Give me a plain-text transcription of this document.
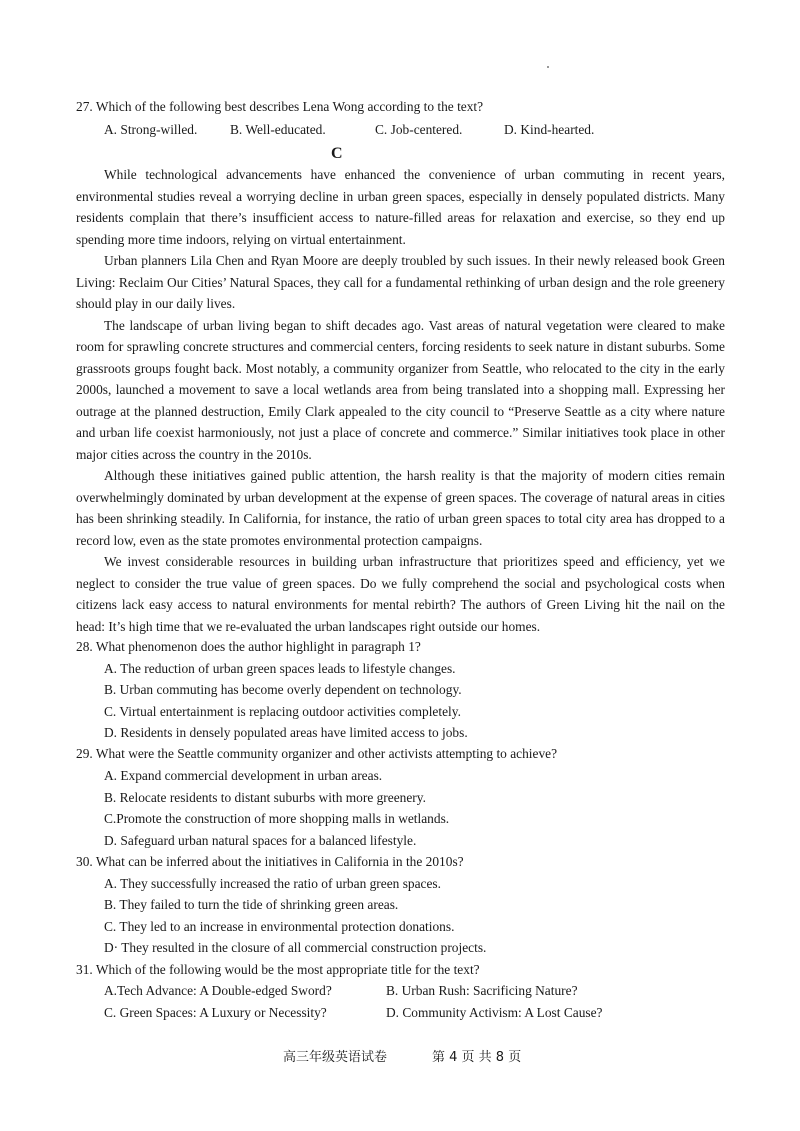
27. Which of the following best describes Lena Wong according to the text?
A. Strong-willed. B. Well-educated.	C. Job-centered.	D. Kind-hearted.
C

While technological advancements have enhanced the convenience of urban commuting in recent years, environmental studies reveal a worrying decline in urban green spaces, especially in densely populated districts. Many residents complain that there’s insufficient access to nature-filled areas for relaxation and exercise, so they end up spending more time indoors, relying on virtual entertainment.

Urban planners Lila Chen and Ryan Moore are deeply troubled by such issues. In their newly released book Green Living: Reclaim Our Cities’ Natural Spaces, they call for a fundamental rethinking of urban design and the role greenery should play in our daily lives.

The landscape of urban living began to shift decades ago. Vast areas of natural vegetation were cleared to make room for sprawling concrete structures and commercial centers, forcing residents to seek nature in distant suburbs. Some grassroots groups fought back. Most notably, a community organizer from Seattle, who relocated to the city in the early 2000s, launched a movement to save a local wetlands area from being translated into a shopping mall. Expressing her outrage at the planned destruction, Emily Clark appealed to the city council to “Preserve Seattle as a city where nature and urban life coexist harmoniously, not just a place of concrete and commerce.” Similar initiatives took place in other major cities across the country in the 2010s.

Although these initiatives gained public attention, the harsh reality is that the majority of modern cities remain overwhelmingly dominated by urban development at the expense of green spaces. The coverage of natural areas in cities has been shrinking steadily. In California, for instance, the ratio of urban green spaces to total city area has dropped to a record low, even as the state promotes environmental protection campaigns.

We invest considerable resources in building urban infrastructure that prioritizes speed and efficiency, yet we neglect to consider the true value of green spaces. Do we fully comprehend the social and psychological costs when citizens lack easy access to natural environments for mental rebirth? The authors of Green Living hit the nail on the head: It’s high time that we re-evaluated the urban landscapes right outside our homes.

28. What phenomenon does the author highlight in paragraph 1?
A. The reduction of urban green spaces leads to lifestyle changes.
B. Urban commuting has become overly dependent on technology.
C. Virtual entertainment is replacing outdoor activities completely.
D. Residents in densely populated areas have limited access to jobs.
29. What were the Seattle community organizer and other activists attempting to achieve?
A. Expand commercial development in urban areas.
B. Relocate residents to distant suburbs with more greenery.
C.Promote the construction of more shopping malls in wetlands.
D. Safeguard urban natural spaces for a balanced lifestyle.
30. What can be inferred about the initiatives in California in the 2010s?
A. They successfully increased the ratio of urban green spaces.
B. They failed to turn the tide of shrinking green areas.
C. They led to an increase in environmental protection donations.
D· They resulted in the closure of all commercial construction projects.
31. Which of the following would be the most appropriate title for the text?
A.Tech Advance: A Double-edged Sword?	B. Urban Rush: Sacrificing Nature?
C. Green Spaces: A Luxury or Necessity?	D. Community Activism: A Lost Cause?
高三年级英语试卷	第 4 页 共 8 页
